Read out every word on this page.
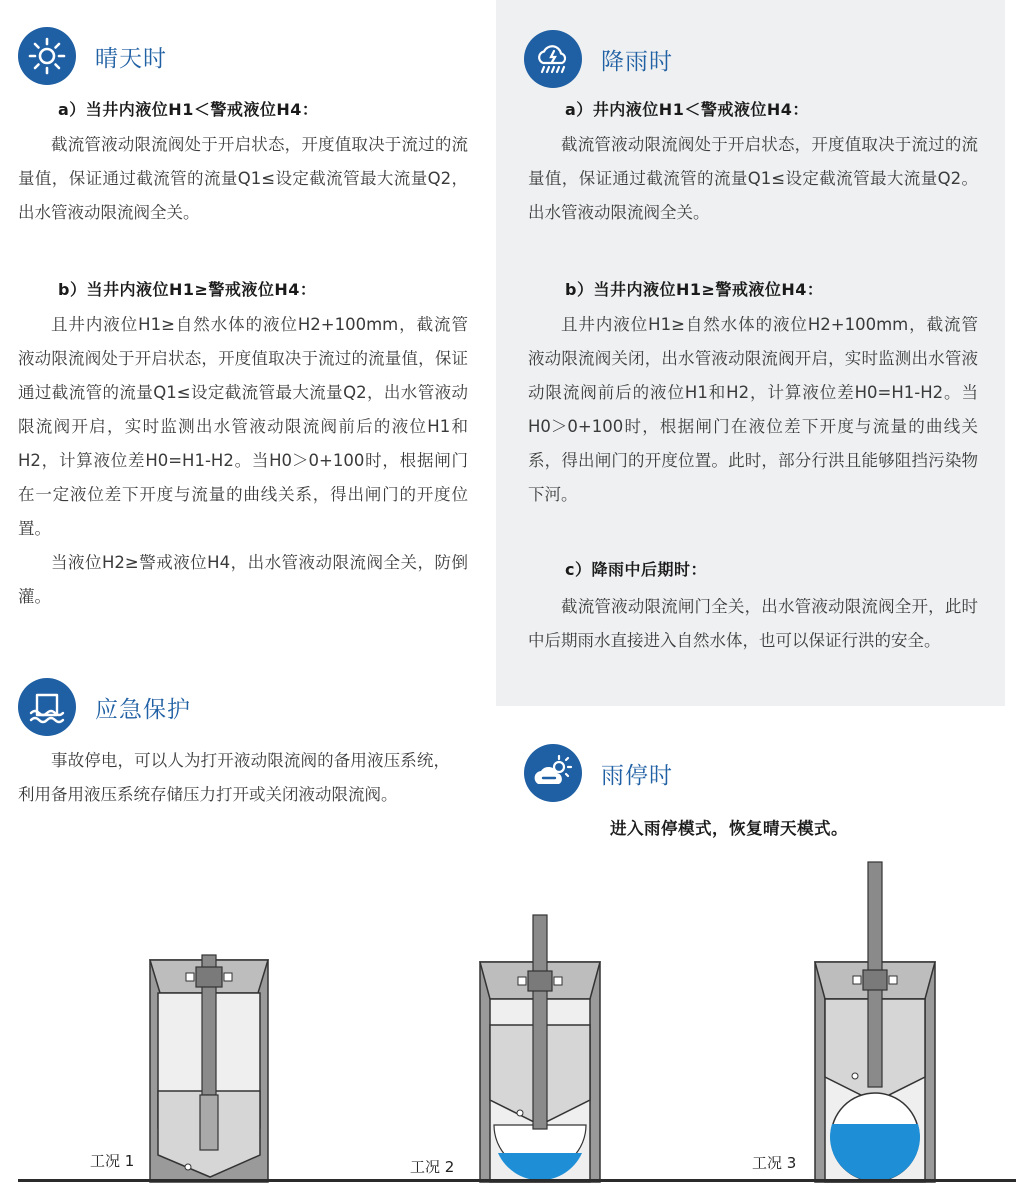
晴天时
a）当井内液位H1＜警戒液位H4：

截流管液动限流阀处于开启状态，开度值取决于流过的流量值，保证通过截流管的流量Q1≤设定截流管最大流量Q2，出水管液动限流阀全关。

b）当井内液位H1≥警戒液位H4：

且井内液位H1≥自然水体的液位H2+100mm，截流管液动限流阀处于开启状态，开度值取决于流过的流量值，保证通过截流管的流量Q1≤设定截流管最大流量Q2，出水管液动限流阀开启，实时监测出水管液动限流阀前后的液位H1和H2，计算液位差H0=H1-H2。当H0＞0+100时，根据闸门在一定液位差下开度与流量的曲线关系，得出闸门的开度位置。

当液位H2≥警戒液位H4，出水管液动限流阀全关，防倒灌。

降雨时
a）井内液位H1＜警戒液位H4：

截流管液动限流阀处于开启状态，开度值取决于流过的流量值，保证通过截流管的流量Q1≤设定截流管最大流量Q2。出水管液动限流阀全关。

b）当井内液位H1≥警戒液位H4：

且井内液位H1≥自然水体的液位H2+100mm，截流管液动限流阀关闭，出水管液动限流阀开启，实时监测出水管液动限流阀前后的液位H1和H2，计算液位差H0=H1-H2。当H0＞0+100时，根据闸门在液位差下开度与流量的曲线关系，得出闸门的开度位置。此时，部分行洪且能够阻挡污染物下河。

c）降雨中后期时：

截流管液动限流闸门全关，出水管液动限流阀全开，此时中后期雨水直接进入自然水体，也可以保证行洪的安全。

应急保护

事故停电，可以人为打开液动限流阀的备用液压系统，利用备用液压系统存储压力打开或关闭液动限流阀。

雨停时
进入雨停模式，恢复晴天模式。
工况 1	工况 2	工况 3
